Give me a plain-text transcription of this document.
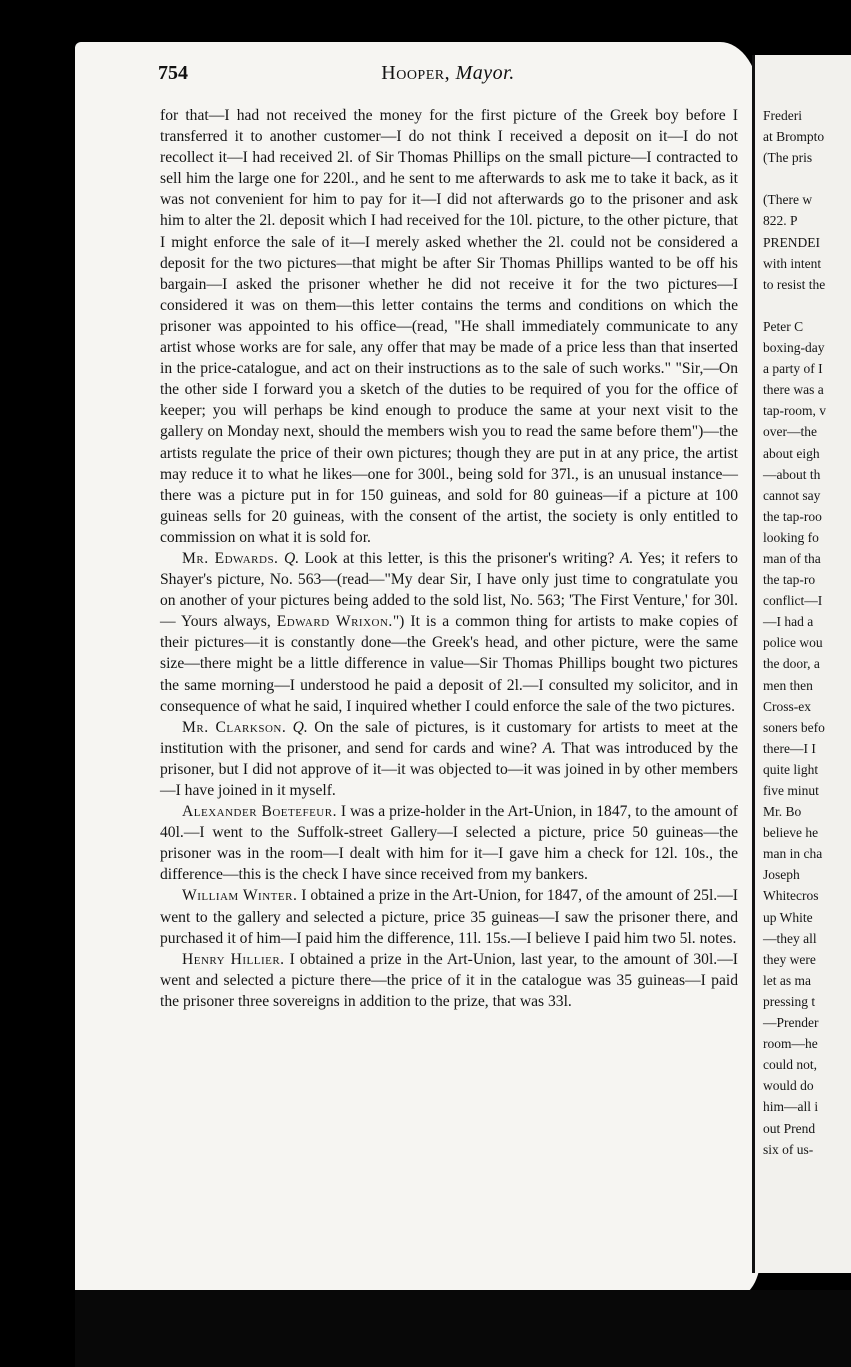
Frederi
at Brompto
(The pris
(There w
822. P
PRENDEI
with intent
to resist the
Peter C
boxing-day
a party of I
there was a
tap-room, v
over—the
about eigh
—about th
cannot say
the tap-roo
looking fo
man of tha
the tap-ro
conflict—I
—I had a
police wou
the door, a
men then
Cross-ex
soners befo
there—I I
quite light
five minut
Mr. Bo
believe he
man in cha
Joseph
Whitecros
up White
—they all
they were
let as ma
pressing t
—Prender
room—he
could not,
would do
him—all i
out Prend
six of us-
754	Hooper, Mayor.

for that—I had not received the money for the first picture of the Greek boy before I transferred it to another customer—I do not think I received a deposit on it—I do not recollect it—I had received 2l. of Sir Thomas Phillips on the small picture—I contracted to sell him the large one for 220l., and he sent to me afterwards to ask me to take it back, as it was not convenient for him to pay for it—I did not afterwards go to the prisoner and ask him to alter the 2l. deposit which I had received for the 10l. picture, to the other picture, that I might enforce the sale of it—I merely asked whether the 2l. could not be considered a deposit for the two pictures—that might be after Sir Thomas Phillips wanted to be off his bargain—I asked the prisoner whether he did not receive it for the two pictures—I considered it was on them—this letter contains the terms and conditions on which the prisoner was appointed to his office—(read, "He shall immediately communicate to any artist whose works are for sale, any offer that may be made of a price less than that inserted in the price-catalogue, and act on their instructions as to the sale of such works." "Sir,—On the other side I forward you a sketch of the duties to be required of you for the office of keeper; you will perhaps be kind enough to produce the same at your next visit to the gallery on Monday next, should the members wish you to read the same before them")—the artists regulate the price of their own pictures; though they are put in at any price, the artist may reduce it to what he likes—one for 300l., being sold for 37l., is an unusual instance—there was a picture put in for 150 guineas, and sold for 80 guineas—if a picture at 100 guineas sells for 20 guineas, with the consent of the artist, the society is only entitled to commission on what it is sold for.

Mr. Edwards. Q. Look at this letter, is this the prisoner's writing? A. Yes; it refers to Shayer's picture, No. 563—(read—"My dear Sir, I have only just time to congratulate you on another of your pictures being added to the sold list, No. 563; 'The First Venture,' for 30l. — Yours always, Edward Wrixon.") It is a common thing for artists to make copies of their pictures—it is constantly done—the Greek's head, and other picture, were the same size—there might be a little difference in value—Sir Thomas Phillips bought two pictures the same morning—I understood he paid a deposit of 2l.—I consulted my solicitor, and in consequence of what he said, I inquired whether I could enforce the sale of the two pictures.

Mr. Clarkson. Q. On the sale of pictures, is it customary for artists to meet at the institution with the prisoner, and send for cards and wine? A. That was introduced by the prisoner, but I did not approve of it—it was objected to—it was joined in by other members—I have joined in it myself.

Alexander Boetefeur. I was a prize-holder in the Art-Union, in 1847, to the amount of 40l.—I went to the Suffolk-street Gallery—I selected a picture, price 50 guineas—the prisoner was in the room—I dealt with him for it—I gave him a check for 12l. 10s., the difference—this is the check I have since received from my bankers.

William Winter. I obtained a prize in the Art-Union, for 1847, of the amount of 25l.—I went to the gallery and selected a picture, price 35 guineas—I saw the prisoner there, and purchased it of him—I paid him the difference, 11l. 15s.—I believe I paid him two 5l. notes.

Henry Hillier. I obtained a prize in the Art-Union, last year, to the amount of 30l.—I went and selected a picture there—the price of it in the catalogue was 35 guineas—I paid the prisoner three sovereigns in addition to the prize, that was 33l.
